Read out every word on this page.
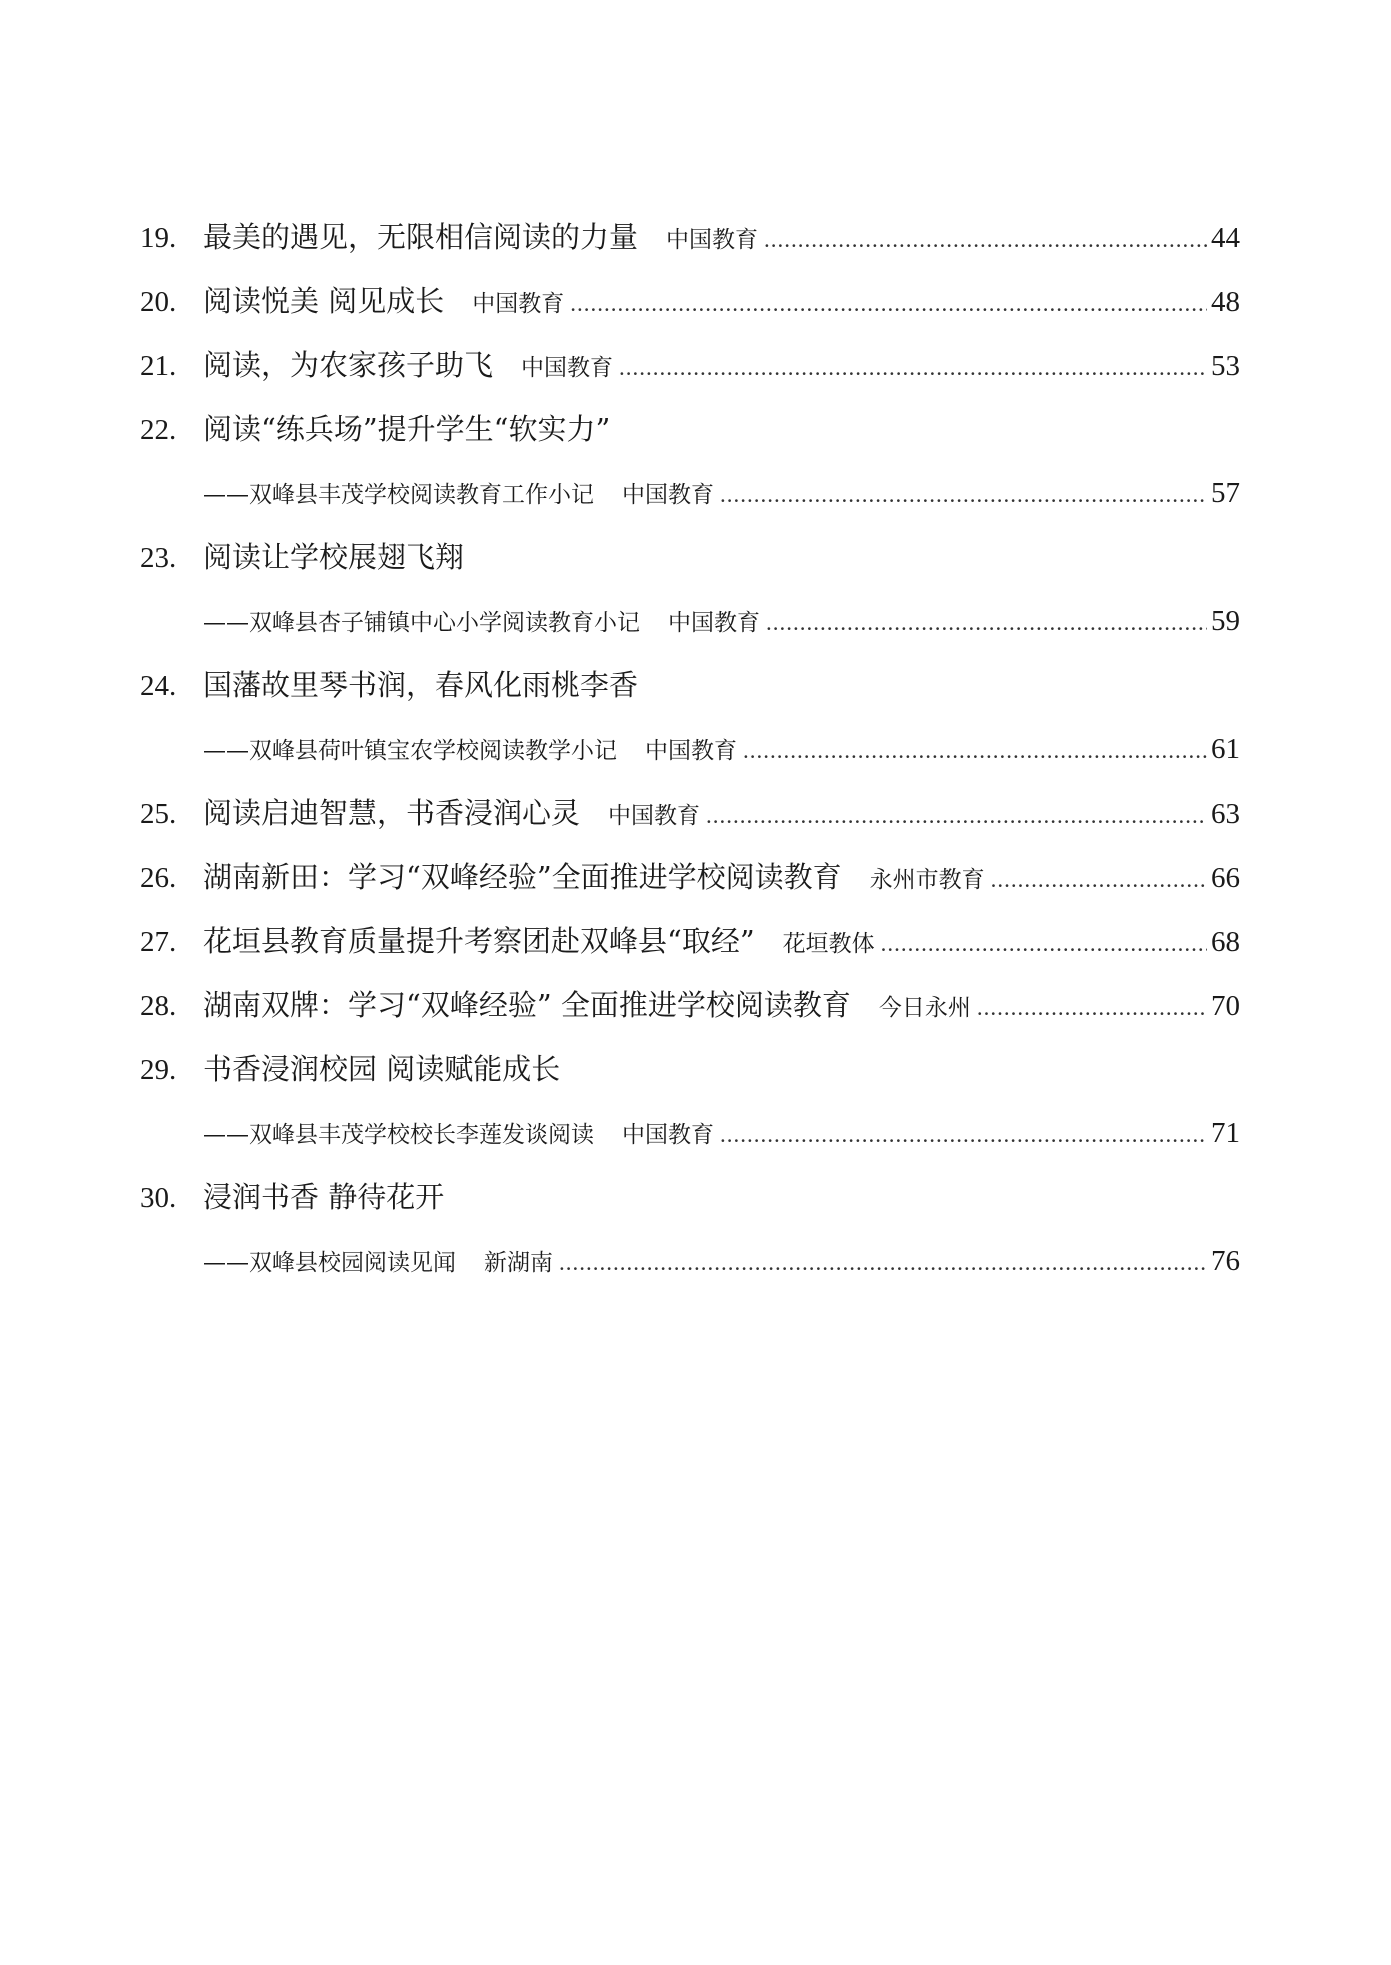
19. 最美的遇见，无限相信阅读的力量 中国教育 .....	44
20. 阅读悦美 阅见成长 中国教育 .....	48
21. 阅读，为农家孩子助飞 中国教育 .....	53
22. 阅读“练兵场”提升学生“软实力”
——双峰县丰茂学校阅读教育工作小记 中国教育 .....	57
23. 阅读让学校展翅飞翔
——双峰县杏子铺镇中心小学阅读教育小记 中国教育 .....	59
24. 国藩故里琴书润，春风化雨桃李香
——双峰县荷叶镇宝农学校阅读教学小记 中国教育 .....	61
25. 阅读启迪智慧，书香浸润心灵 中国教育 .....	63
26. 湖南新田：学习“双峰经验”全面推进学校阅读教育 永州市教育 .....	66
27. 花垣县教育质量提升考察团赴双峰县“取经” 花垣教体 .....	68
28. 湖南双牌：学习“双峰经验” 全面推进学校阅读教育 今日永州 .....	70
29. 书香浸润校园 阅读赋能成长
——双峰县丰茂学校校长李莲发谈阅读 中国教育 .....	71
30. 浸润书香 静待花开
——双峰县校园阅读见闻 新湖南 .....	76
